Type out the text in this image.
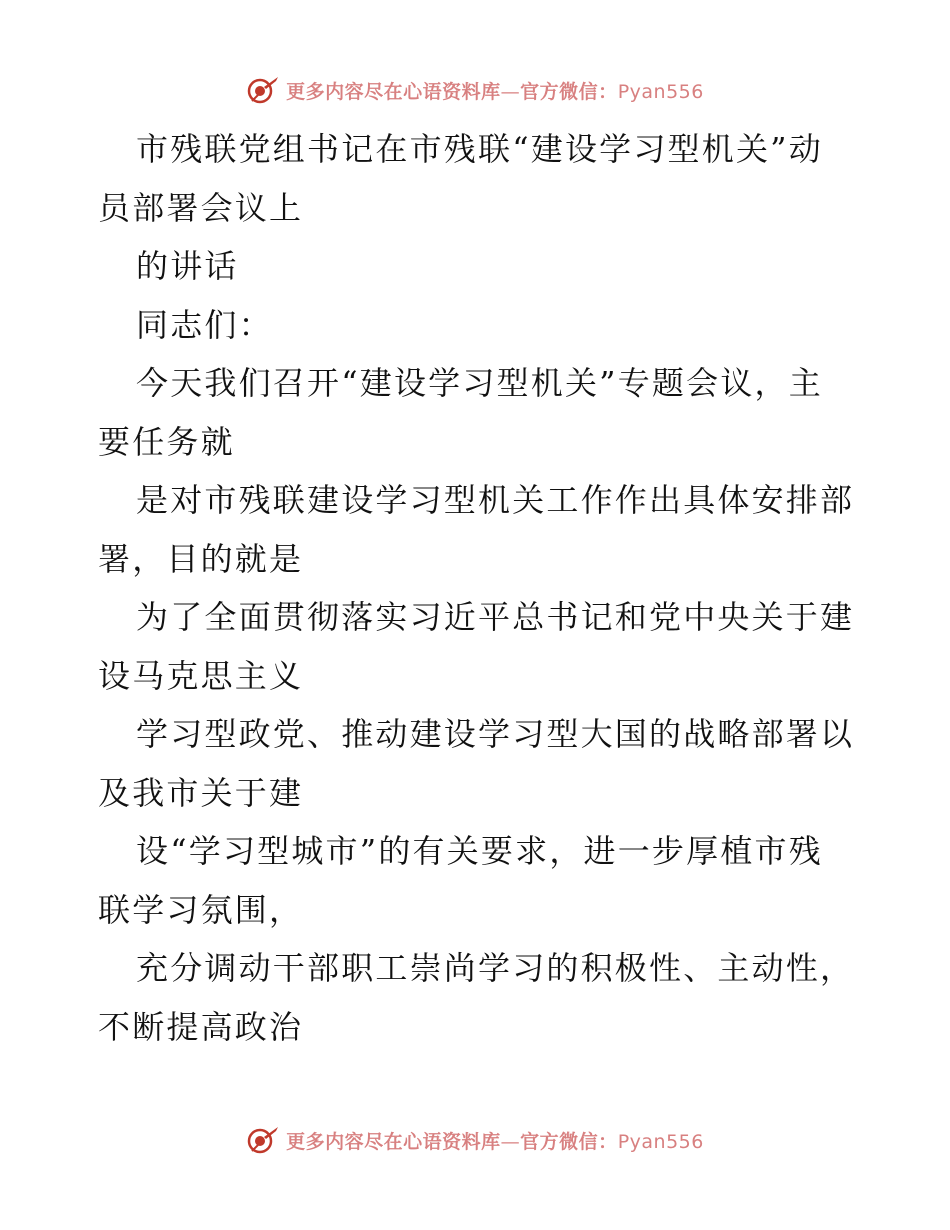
更多内容尽在心语资料库—官方微信：Pyan556
市残联党组书记在市残联“建设学习型机关”动
员部署会议上
的讲话
同志们：
今天我们召开“建设学习型机关”专题会议，主
要任务就
是对市残联建设学习型机关工作作出具体安排部
署，目的就是
为了全面贯彻落实习近平总书记和党中央关于建
设马克思主义
学习型政党、推动建设学习型大国的战略部署以
及我市关于建
设“学习型城市”的有关要求，进一步厚植市残
联学习氛围，
充分调动干部职工崇尚学习的积极性、主动性，
不断提高政治
更多内容尽在心语资料库—官方微信：Pyan556
